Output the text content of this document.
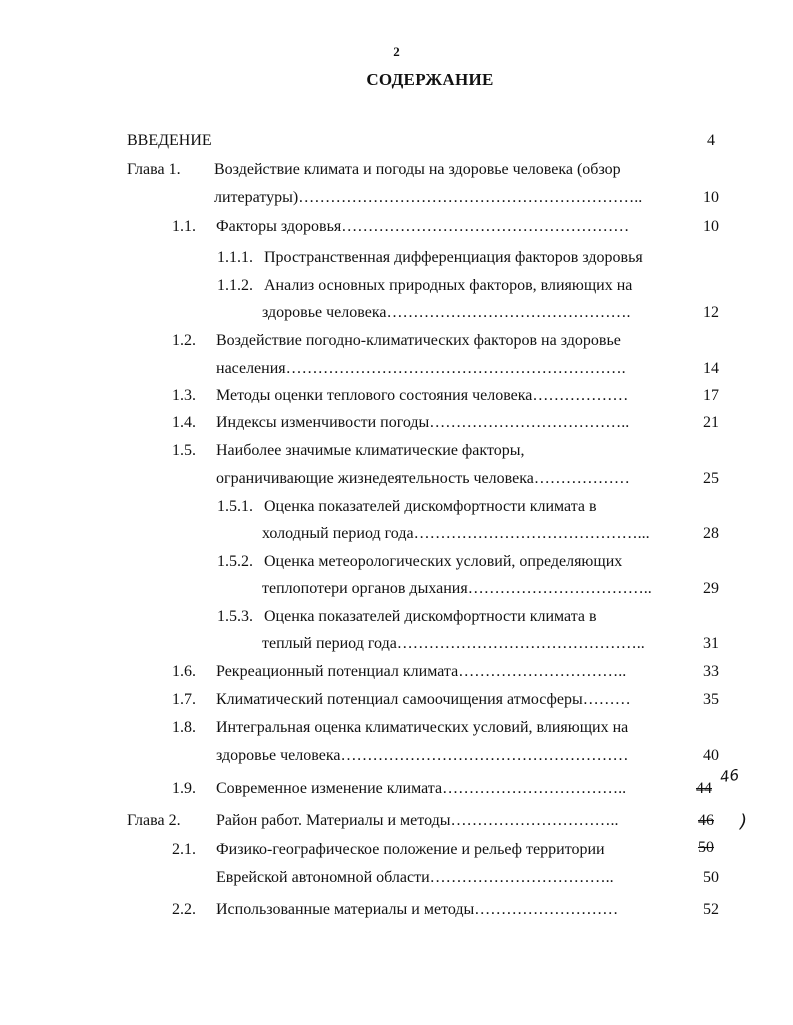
2
СОДЕРЖАНИЕ
ВВЕДЕНИЕ	4
Глава 1. Воздействие климата и погоды на здоровье человека (обзор
литературы)………………………………………………………..	10
1.1. Факторы здоровья………………………………………………	10
1.1.1. Пространственная дифференциация факторов здоровья
1.1.2. Анализ основных природных факторов, влияющих на
здоровье человека……………………………………….	12
1.2. Воздействие погодно-климатических факторов на здоровье
населения……………………………………………………….	14
1.3. Методы оценки теплового состояния человека………………	17
1.4. Индексы изменчивости погоды………………………………..	21
1.5. Наиболее значимые климатические факторы,
ограничивающие жизнедеятельность человека………………	25
1.5.1. Оценка показателей дискомфортности климата в
холодный период года……………………………………...	28
1.5.2. Оценка метеорологических условий, определяющих
теплопотери органов дыхания……………………………..	29
1.5.3. Оценка показателей дискомфортности климата в
теплый период года………………………………………..	31
1.6. Рекреационный потенциал климата…………………………..	33
1.7. Климатический потенциал самоочищения атмосферы………	35
1.8. Интегральная оценка климатических условий, влияющих на
здоровье человека………………………………………………	40
1.9. Современное изменение климата……………………………..	44
46
Глава 2. Район работ. Материалы и методы…………………………..	46	)
2.1. Физико-географическое положение и рельеф территории	50
Еврейской автономной области……………………………..	50
2.2. Использованные материалы и методы………………………	52
